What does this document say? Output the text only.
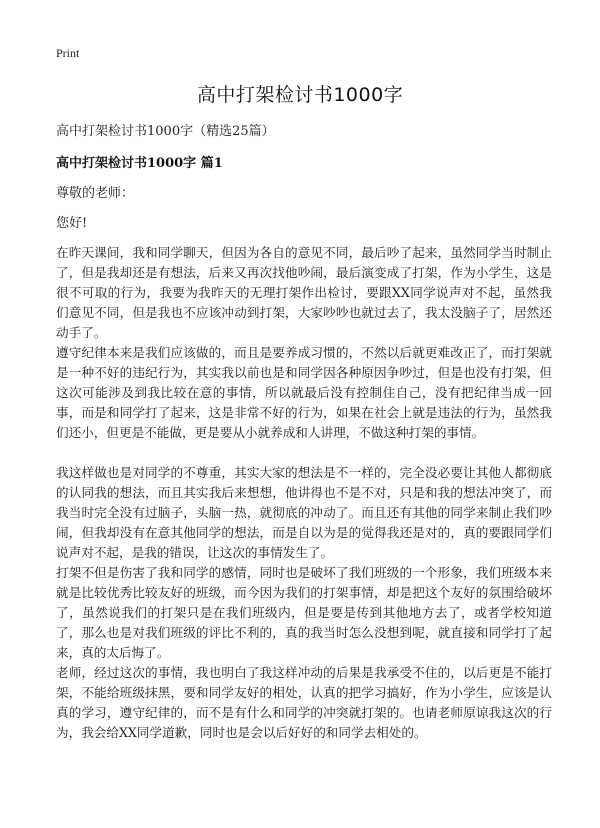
Print
高中打架检讨书1000字
高中打架检讨书1000字（精选25篇）
高中打架检讨书1000字 篇1
尊敬的老师：
您好!

在昨天课间，我和同学聊天，但因为各自的意见不同，最后吵了起来，虽然同学当时制止了，但是我却还是有想法，后来又再次找他吵闹，最后演变成了打架，作为小学生，这是很不可取的行为，我要为我昨天的无理打架作出检讨，要跟XX同学说声对不起，虽然我们意见不同，但是我也不应该冲动到打架，大家吵吵也就过去了，我太没脑子了，居然还动手了。

遵守纪律本来是我们应该做的，而且是要养成习惯的，不然以后就更难改正了，而打架就是一种不好的违纪行为，其实我以前也是和同学因各种原因争吵过，但是也没有打架，但这次可能涉及到我比较在意的事情，所以就最后没有控制住自己，没有把纪律当成一回事，而是和同学打了起来，这是非常不好的行为，如果在社会上就是违法的行为，虽然我们还小，但更是不能做，更是要从小就养成和人讲理，不做这种打架的事情。

我这样做也是对同学的不尊重，其实大家的想法是不一样的，完全没必要让其他人都彻底的认同我的想法，而且其实我后来想想，他讲得也不是不对，只是和我的想法冲突了，而我当时完全没有过脑子，头脑一热，就彻底的冲动了。而且还有其他的同学来制止我们吵闹，但我却没有在意其他同学的想法，而是自以为是的觉得我还是对的，真的要跟同学们说声对不起，是我的错误，让这次的事情发生了。

打架不但是伤害了我和同学的感情，同时也是破坏了我们班级的一个形象，我们班级本来就是比较优秀比较友好的班级，而今因为我们的打架事情，却是把这个友好的氛围给破坏了，虽然说我们的打架只是在我们班级内，但是要是传到其他地方去了，或者学校知道了，那么也是对我们班级的评比不利的，真的我当时怎么没想到呢，就直接和同学打了起来，真的太后悔了。

老师，经过这次的事情，我也明白了我这样冲动的后果是我承受不住的，以后更是不能打架，不能给班级抹黑，要和同学友好的相处，认真的把学习搞好，作为小学生，应该是认真的学习，遵守纪律的，而不是有什么和同学的冲突就打架的。也请老师原谅我这次的行为，我会给XX同学道歉，同时也是会以后好好的和同学去相处的。
